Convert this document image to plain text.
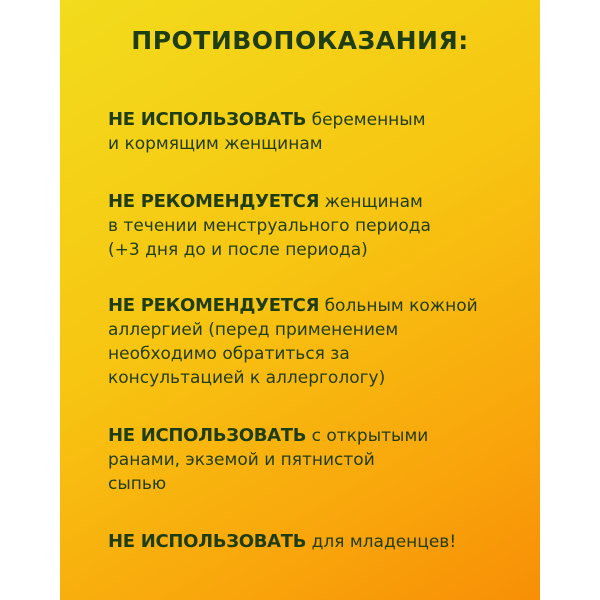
ПРОТИВОПОКАЗАНИЯ:
НЕ ИСПОЛЬЗОВАТЬ беременным
и кормящим женщинам
НЕ РЕКОМЕНДУЕТСЯ женщинам
в течении менструального периода
(+3 дня до и после периода)
НЕ РЕКОМЕНДУЕТСЯ больным кожной
аллергией (перед применением
необходимо обратиться за
консультацией к аллергологу)
НЕ ИСПОЛЬЗОВАТЬ с открытыми
ранами, экземой и пятнистой
сыпью
НЕ ИСПОЛЬЗОВАТЬ для младенцев!
